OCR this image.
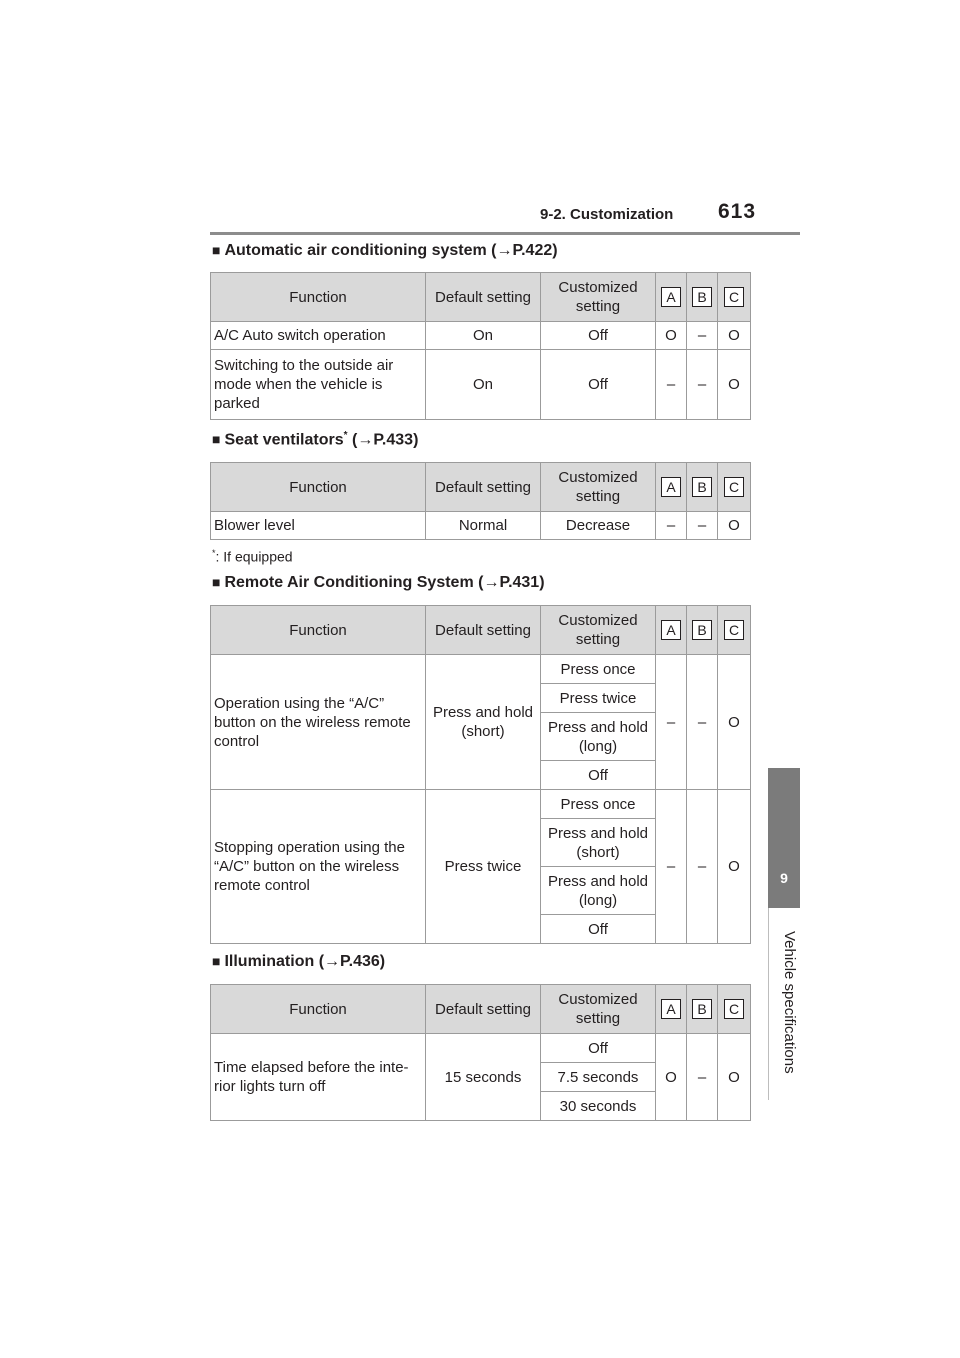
9-2. Customization 613
9
Vehicle specifications
■ Automatic air conditioning system (→P.422)
Function	Default setting	Customized setting	A	B	C
A/C Auto switch operation	On	Off	O	–	O
Switching to the outside air mode when the vehicle is parked	On	Off	–	–	O
■ Seat ventilators* (→P.433)
Function	Default setting	Customized setting	A	B	C
Blower level	Normal	Decrease	–	–	O
*: If equipped
■ Remote Air Conditioning System (→P.431)
Function	Default setting	Customized setting	A	B	C
Operation using the “A/C” button on the wireless remote control	Press and hold (short)	Press once	–	–	O
		Press twice			
		Press and hold (long)			
		Off			
Stopping operation using the “A/C” button on the wireless remote control	Press twice	Press once	–	–	O
		Press and hold (short)			
		Press and hold (long)			
		Off			
■ Illumination (→P.436)
Function	Default setting	Customized setting	A	B	C
Time elapsed before the inte-rior lights turn off	15 seconds	Off	O	–	O
		7.5 seconds			
		30 seconds			
